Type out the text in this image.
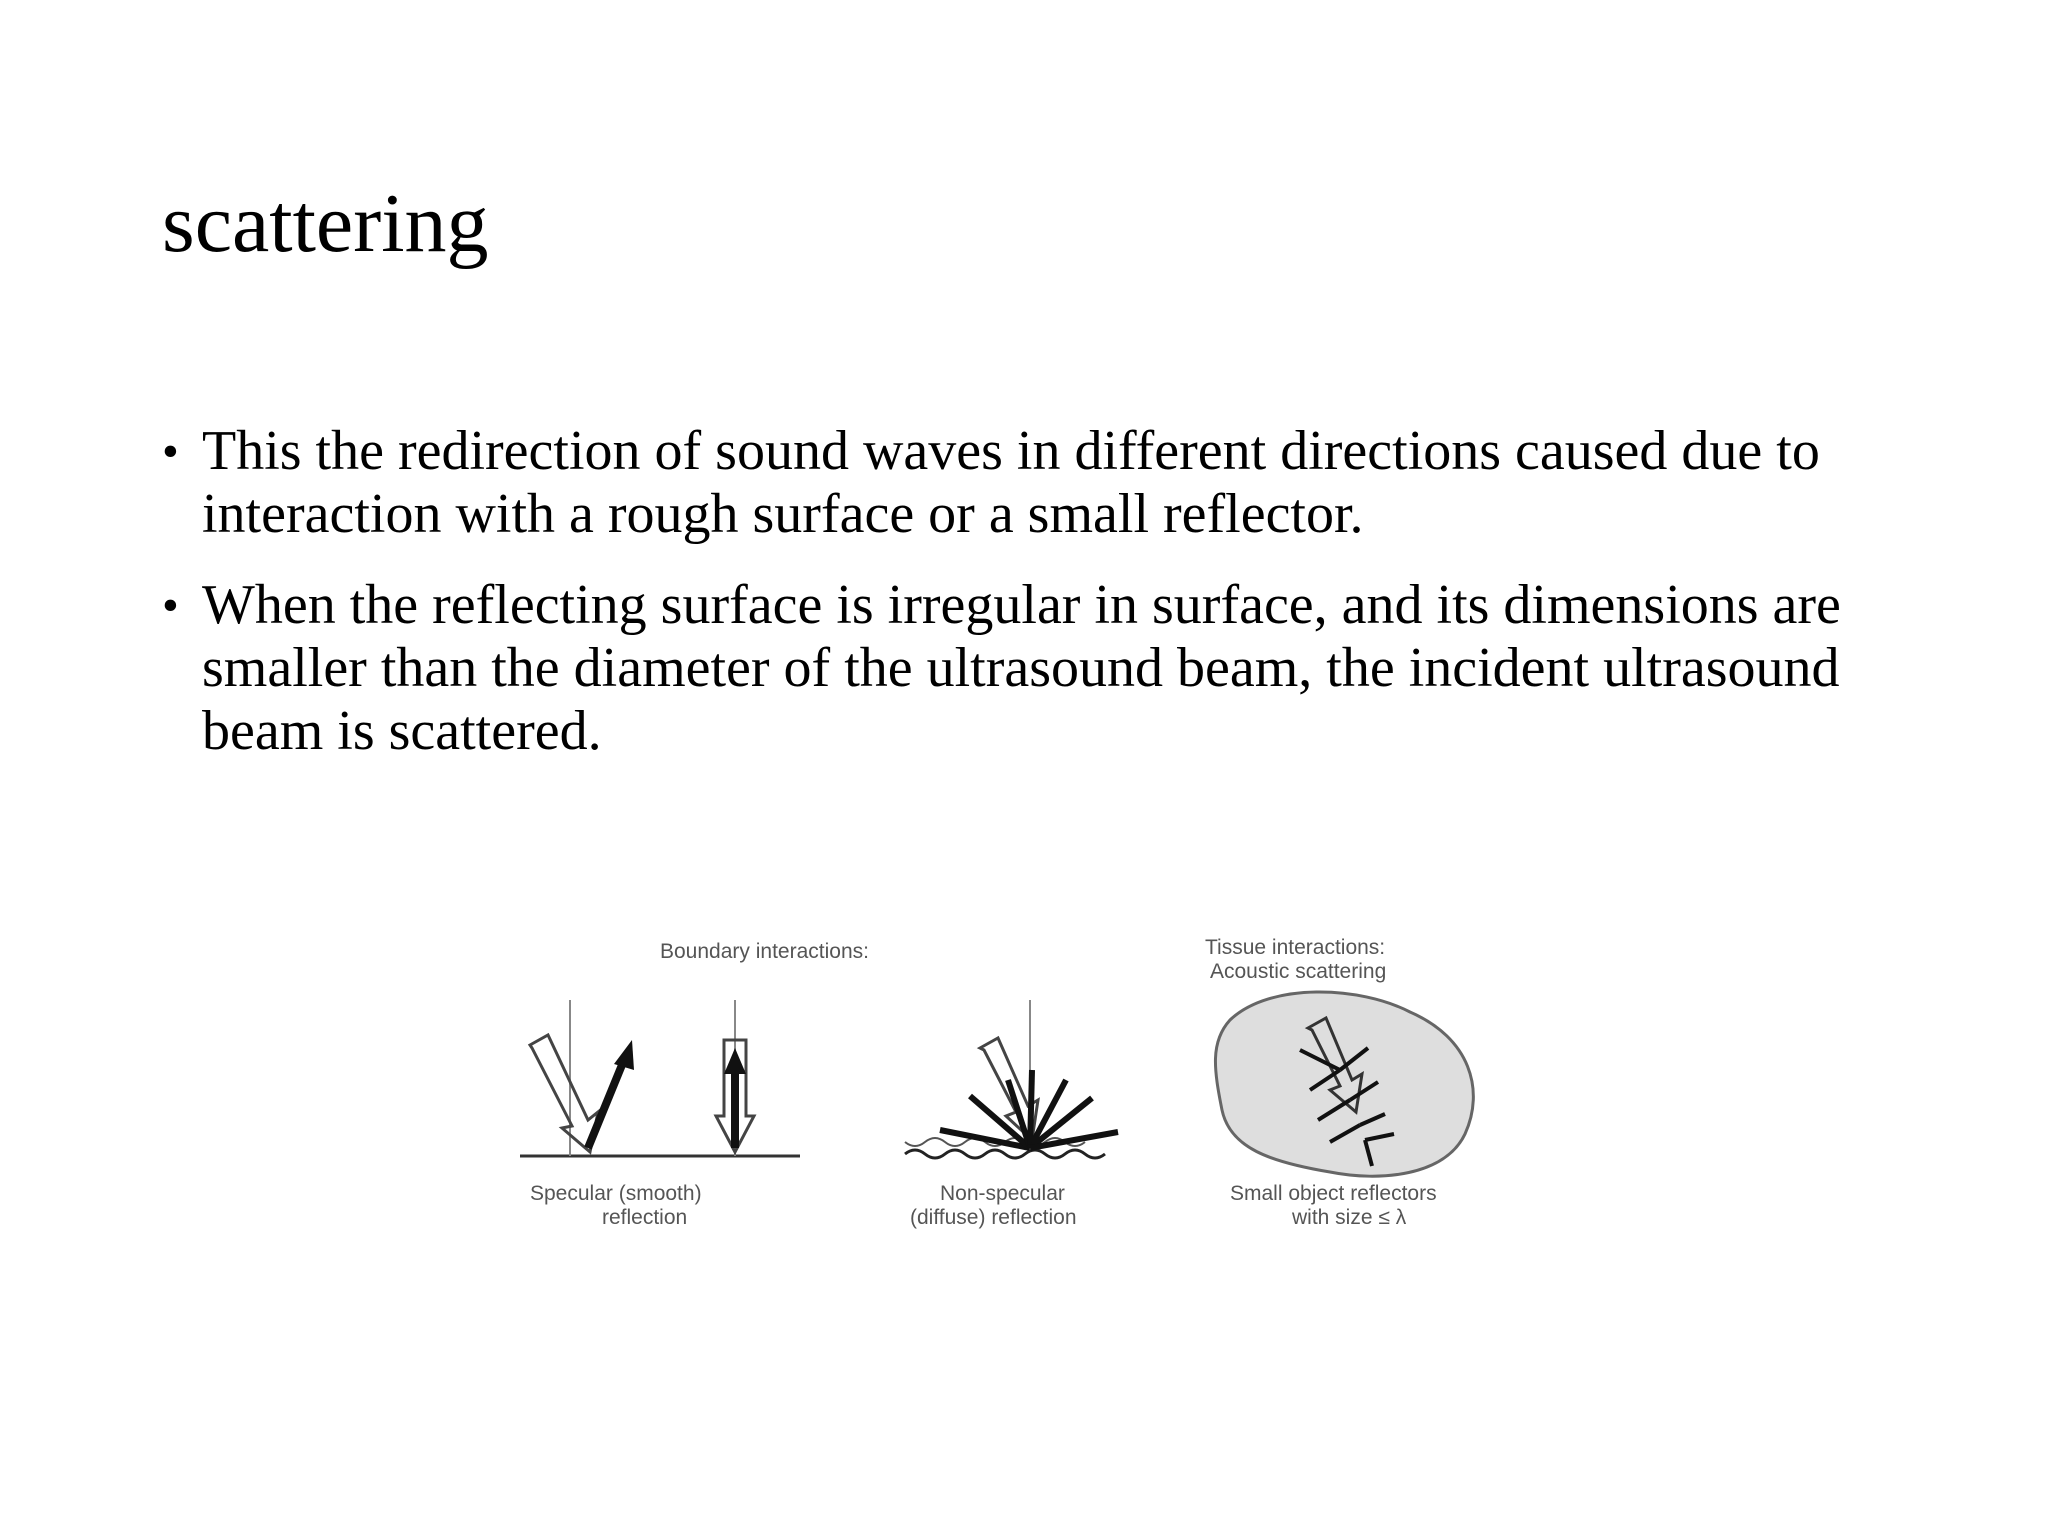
scattering
• This the redirection of sound waves in different directions caused due to interaction with a rough surface or a small reflector.
• When the reflecting surface is irregular in surface, and its dimensions are smaller than the diameter of the ultrasound beam, the incident ultrasound beam is scattered.
Boundary interactions:	Tissue interactions:
Acoustic scattering
Specular (smooth)
reflection
Non-specular
(diffuse) reflection
Small object reflectors
with size ≤ λ
